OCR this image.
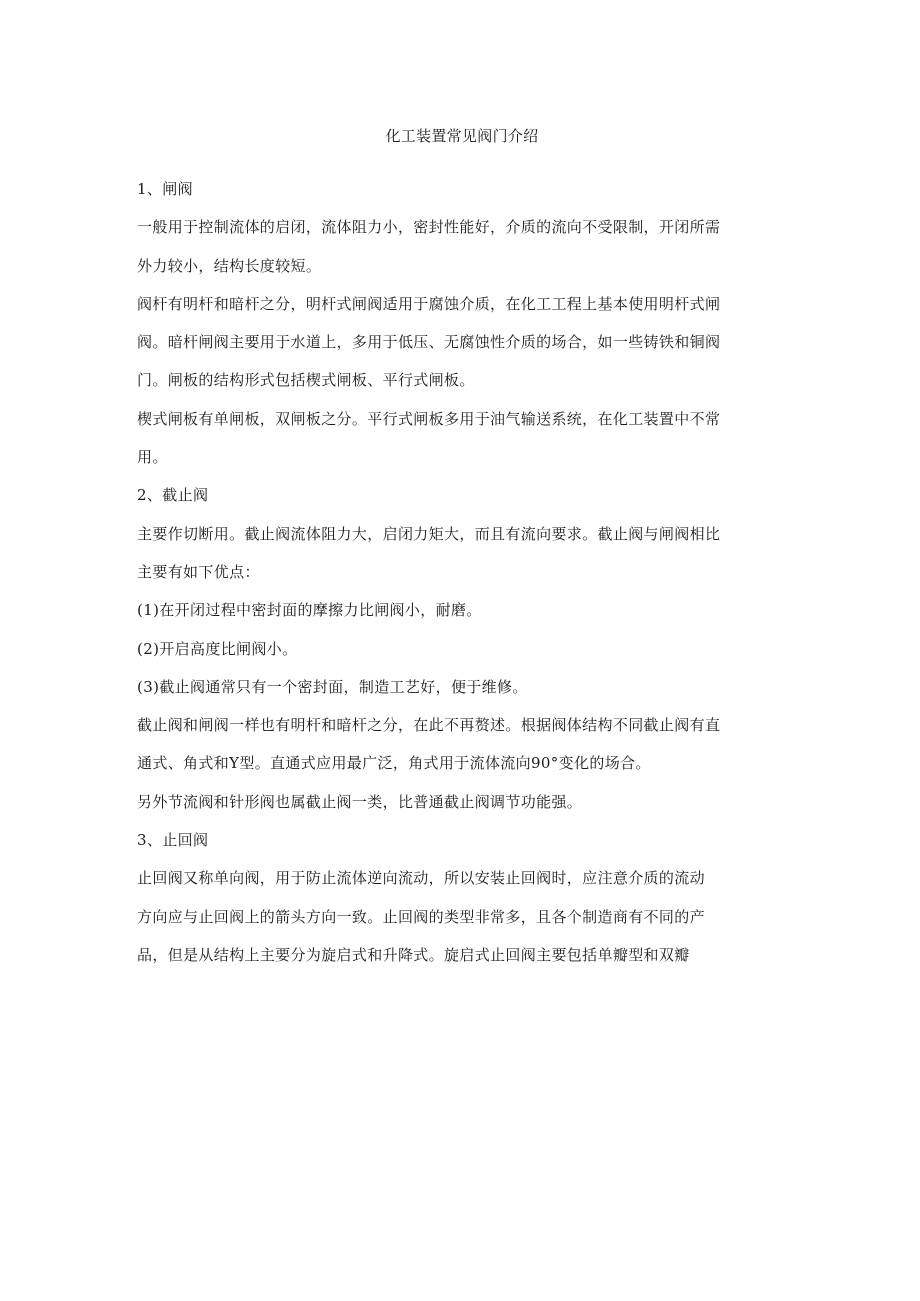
化工装置常见阀门介绍
1、闸阀
一般用于控制流体的启闭，流体阻力小，密封性能好，介质的流向不受限制，开闭所需
外力较小，结构长度较短。
阀杆有明杆和暗杆之分，明杆式闸阀适用于腐蚀介质，在化工工程上基本使用明杆式闸
阀。暗杆闸阀主要用于水道上，多用于低压、无腐蚀性介质的场合，如一些铸铁和铜阀
门。闸板的结构形式包括楔式闸板、平行式闸板。
楔式闸板有单闸板，双闸板之分。平行式闸板多用于油气输送系统，在化工装置中不常
用。
2、截止阀
主要作切断用。截止阀流体阻力大，启闭力矩大，而且有流向要求。截止阀与闸阀相比
主要有如下优点：
(1)在开闭过程中密封面的摩擦力比闸阀小，耐磨。
(2)开启高度比闸阀小。
(3)截止阀通常只有一个密封面，制造工艺好，便于维修。
截止阀和闸阀一样也有明杆和暗杆之分，在此不再赘述。根据阀体结构不同截止阀有直
通式、角式和Y型。直通式应用最广泛，角式用于流体流向90°变化的场合。
另外节流阀和针形阀也属截止阀一类，比普通截止阀调节功能强。
3、止回阀
止回阀又称单向阀，用于防止流体逆向流动，所以安装止回阀时，应注意介质的流动
方向应与止回阀上的箭头方向一致。止回阀的类型非常多，且各个制造商有不同的产
品，但是从结构上主要分为旋启式和升降式。旋启式止回阀主要包括单瓣型和双瓣
